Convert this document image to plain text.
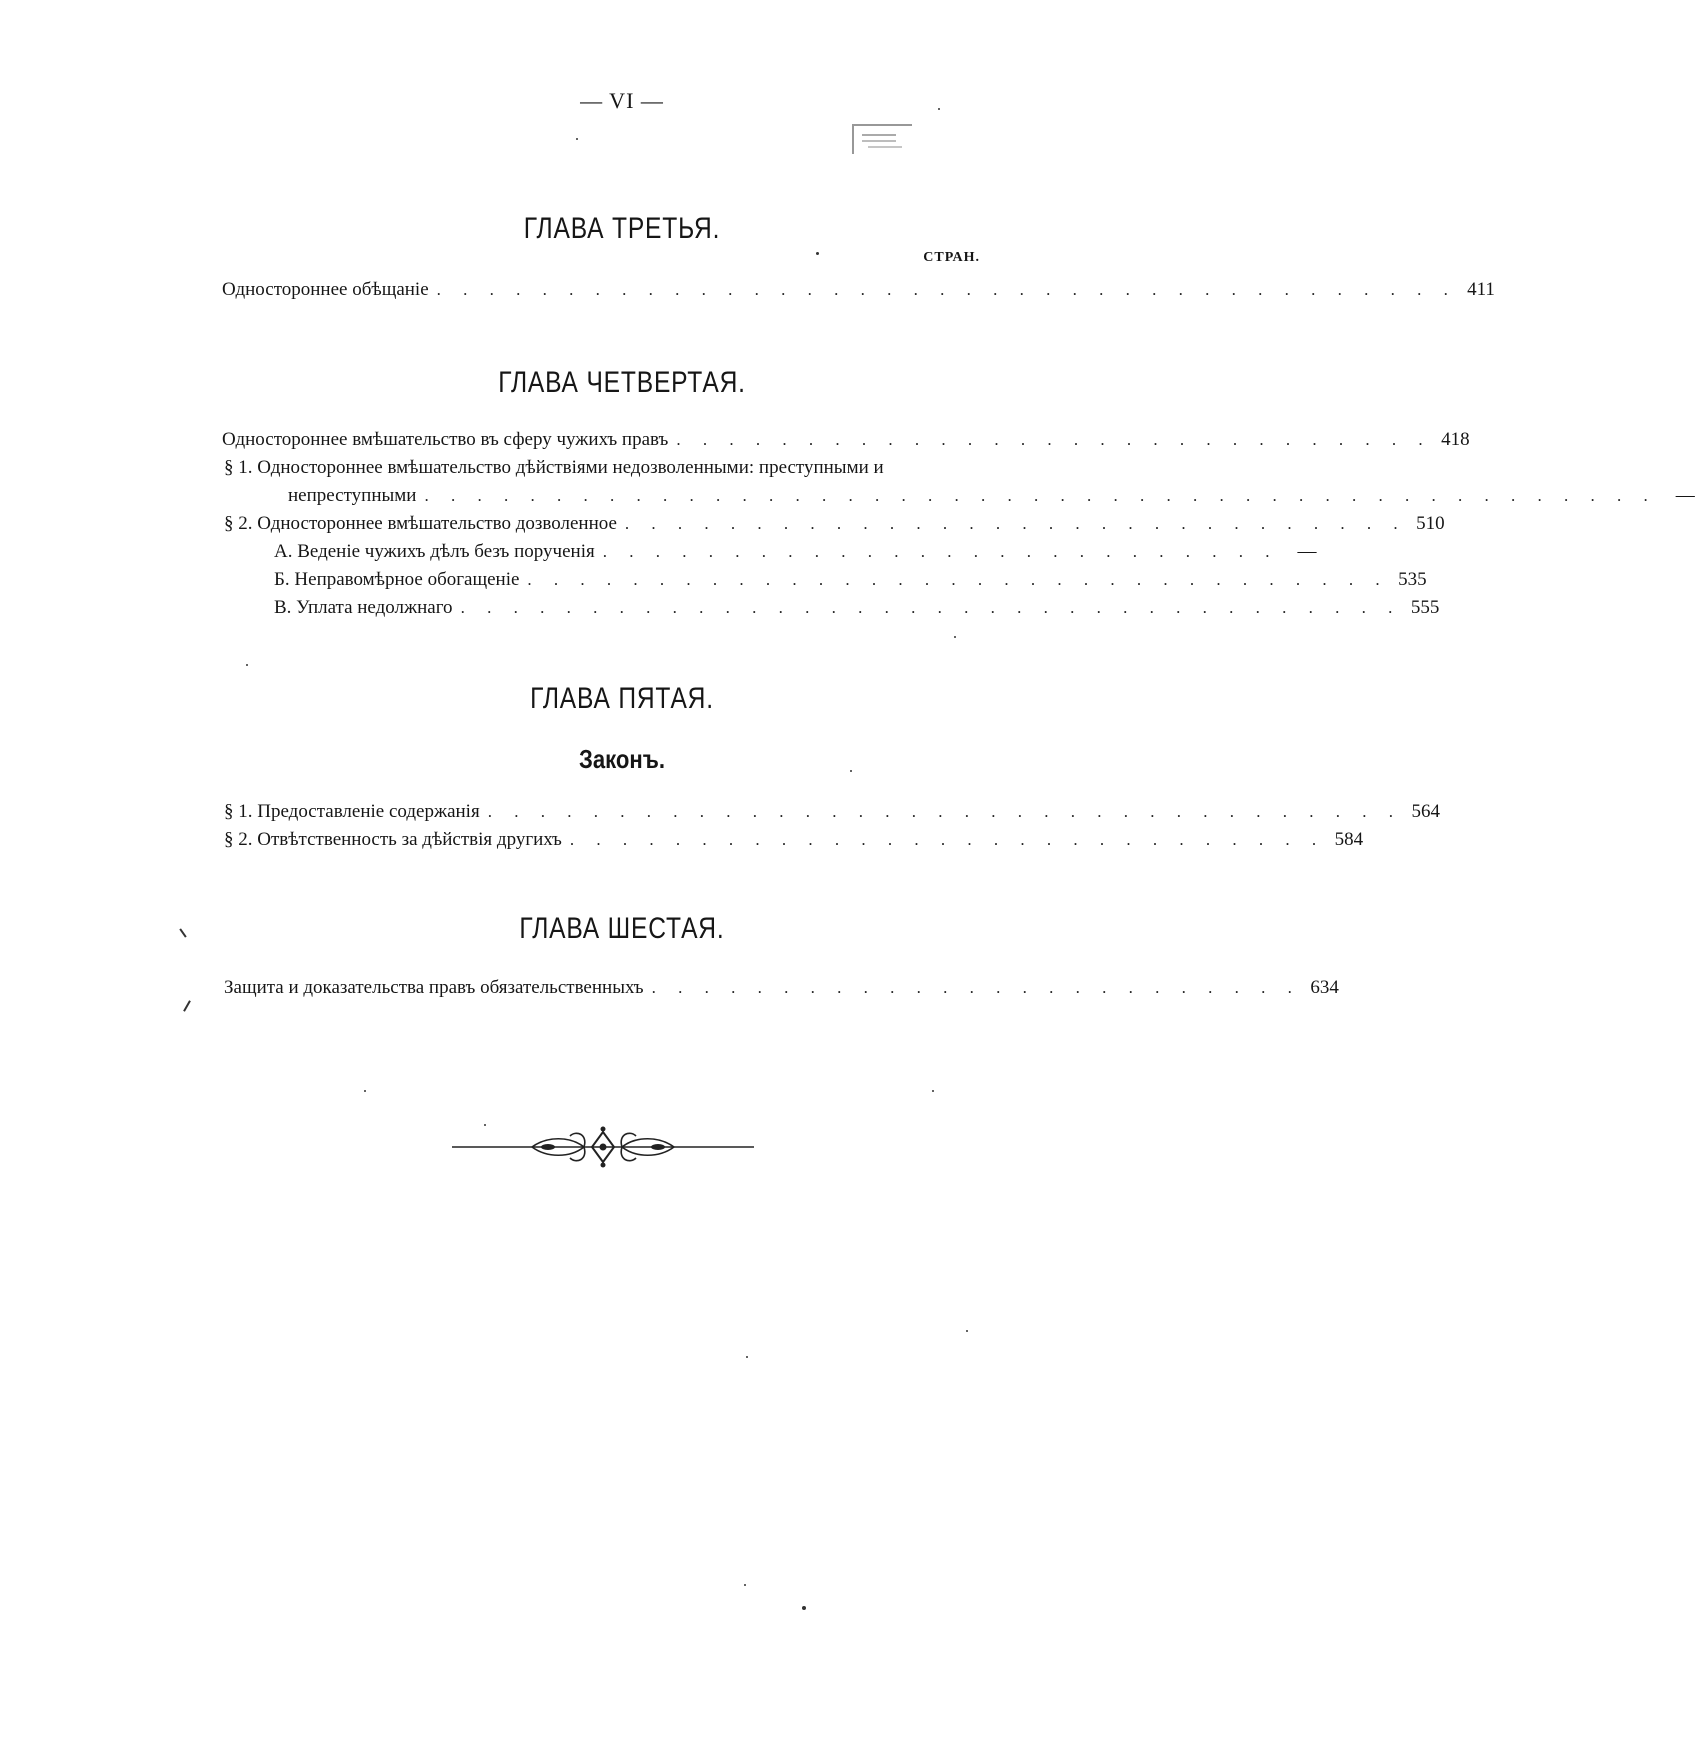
— VI —
ГЛАВА ТРЕТЬЯ.
СТРАН.
Одностороннее обѣщаніе . . . . . . . . . . . . . . . . . . . . . . . . . . . . . . . . . . . . . . . 411
ГЛАВА ЧЕТВЕРТАЯ.
Одностороннее вмѣшательство въ сферу чужихъ правъ . . . . . . . . . . . . . . . . . . . . . . . . . . . . . 418
§ 1. Одностороннее вмѣшательство дѣйствіями недозволенными: преступными и
непреступными . . . . . . . . . . . . . . . . . . . . . . . . . . . . . . . . . . . . . . . . . . . . . . .	—
§ 2. Одностороннее вмѣшательство дозволенное . . . . . . . . . . . . . . . . . . . . . . . . . . . . . . 510
А. Веденіе чужихъ дѣлъ безъ порученія . . . . . . . . . . . . . . . . . . . . . . . . . .	—
Б. Неправомѣрное обогащеніе . . . . . . . . . . . . . . . . . . . . . . . . . . . . . . . . . 535
В. Уплата недолжнаго . . . . . . . . . . . . . . . . . . . . . . . . . . . . . . . . . . . . 555
ГЛАВА ПЯТАЯ.
Законъ.
§ 1. Предоставленіе содержанія . . . . . . . . . . . . . . . . . . . . . . . . . . . . . . . . . . . 564
§ 2. Отвѣтственность за дѣйствія другихъ . . . . . . . . . . . . . . . . . . . . . . . . . . . . . 584
ГЛАВА ШЕСТАЯ.
Защита и доказательства правъ обязательственныхъ . . . . . . . . . . . . . . . . . . . . . . . . . 634
